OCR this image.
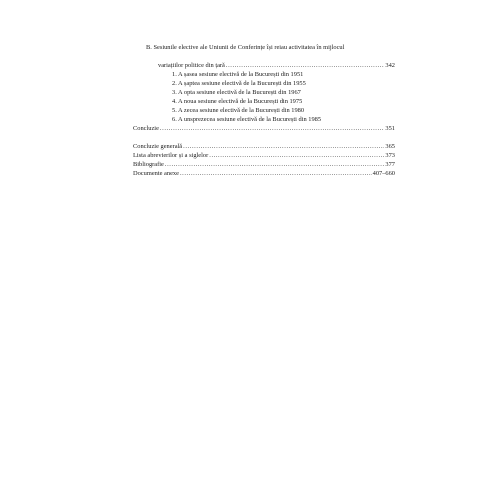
B. Sesiunile elective ale Uniunii de Conferințe își reiau activitatea în mijlocul
variațiilor politice din țară .....	342
1. A șasea sesiune electivă de la București din 1951
2. A șaptea sesiune electivă de la București din 1955
3. A opta sesiune electivă de la București din 1967
4. A noua sesiune electivă de la București din 1975
5. A zecea sesiune electivă de la București din 1980
6. A unsprezecea sesiune electivă de la București din 1985
Concluzie .....	351
Concluzie generală .....	365
Lista abrevierilor și a siglelor .....	373
Bibliografie .....	377
Documente anexe .....	407–660
